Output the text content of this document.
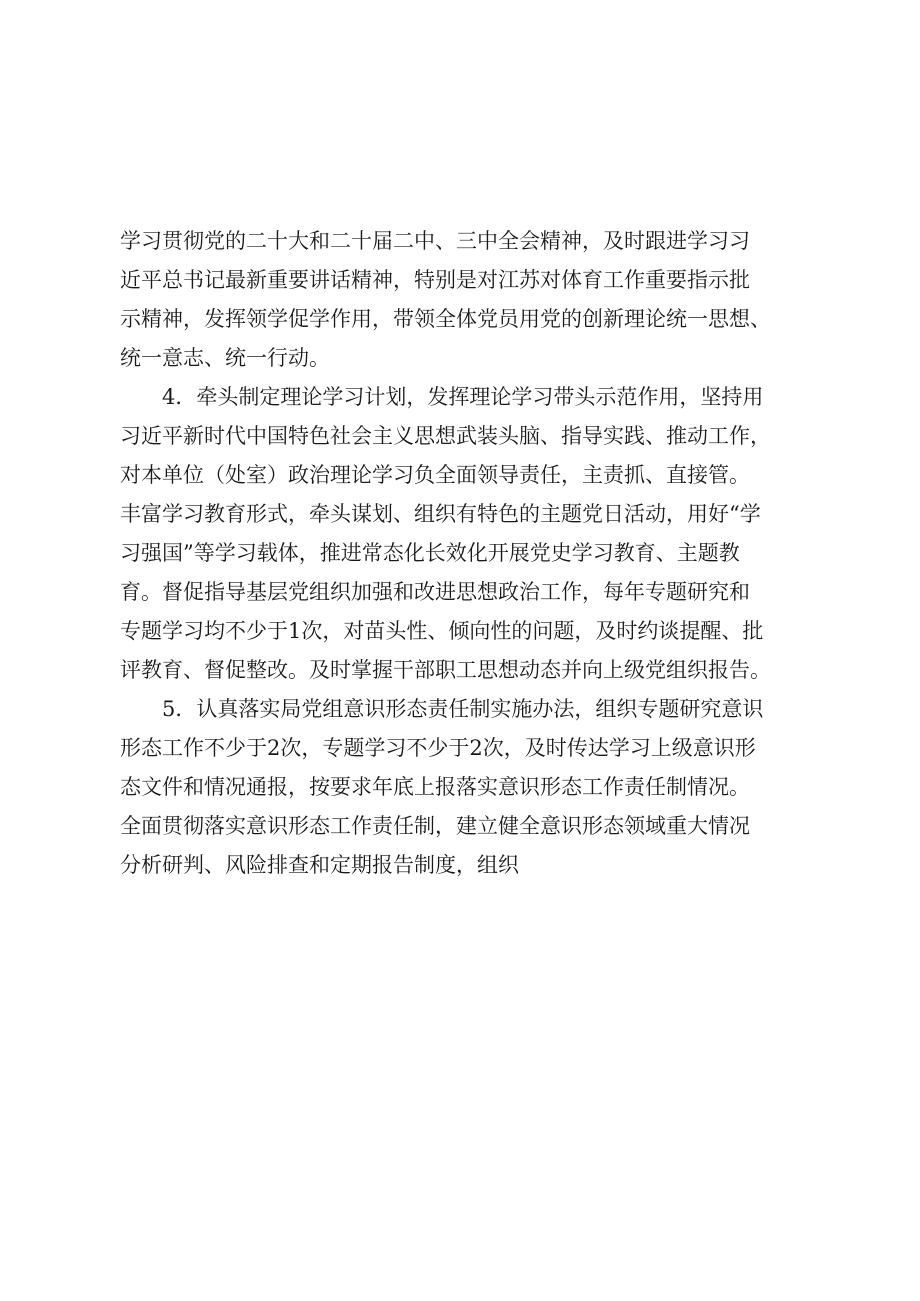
学习贯彻党的二十大和二十届二中、三中全会精神，及时跟进学习习
近平总书记最新重要讲话精神，特别是对江苏对体育工作重要指示批
示精神，发挥领学促学作用，带领全体党员用党的创新理论统一思想、
统一意志、统一行动。
4．牵头制定理论学习计划，发挥理论学习带头示范作用，坚持用
习近平新时代中国特色社会主义思想武装头脑、指导实践、推动工作，
对本单位（处室）政治理论学习负全面领导责任，主责抓、直接管。
丰富学习教育形式，牵头谋划、组织有特色的主题党日活动，用好“学
习强国”等学习载体，推进常态化长效化开展党史学习教育、主题教
育。督促指导基层党组织加强和改进思想政治工作，每年专题研究和
专题学习均不少于1次，对苗头性、倾向性的问题，及时约谈提醒、批
评教育、督促整改。及时掌握干部职工思想动态并向上级党组织报告。
5．认真落实局党组意识形态责任制实施办法，组织专题研究意识
形态工作不少于2次，专题学习不少于2次，及时传达学习上级意识形
态文件和情况通报，按要求年底上报落实意识形态工作责任制情况。
全面贯彻落实意识形态工作责任制，建立健全意识形态领域重大情况
分析研判、风险排查和定期报告制度，组织
